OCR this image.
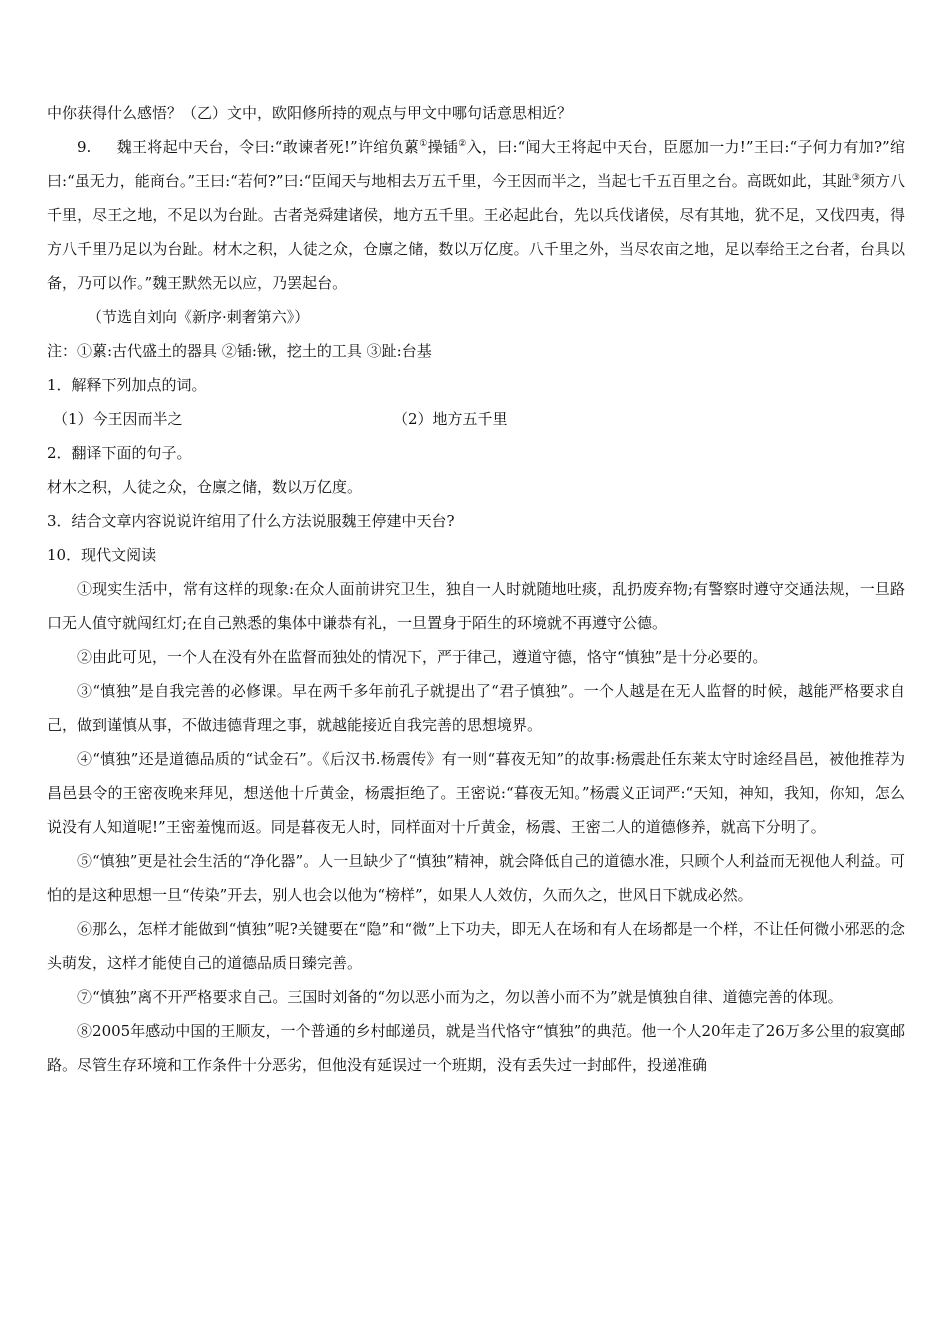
中你获得什么感悟？（乙）文中，欧阳修所持的观点与甲文中哪句话意思相近？

9. 魏王将起中天台，令曰:“敢谏者死!”许绾负蔂①操锸②入，曰:“闻大王将起中天台，臣愿加一力!”王曰:“子何力有加?”绾曰:“虽无力，能商台。”王曰:“若何?”曰:“臣闻天与地相去万五千里，今王因而半之，当起七千五百里之台。高既如此，其趾③须方八千里，尽王之地，不足以为台趾。古者尧舜建诸侯，地方五千里。王必起此台，先以兵伐诸侯，尽有其地，犹不足，又伐四夷，得方八千里乃足以为台趾。材木之积，人徒之众，仓廪之储，数以万亿度。八千里之外，当尽农亩之地，足以奉给王之台者，台具以备，乃可以作。”魏王默然无以应，乃罢起台。

（节选自刘向《新序·刺奢第六》）

注：①蔂:古代盛土的器具 ②锸:锹，挖土的工具 ③趾:台基

1．解释下列加点的词。

（1）今王因而半之	（2）地方五千里

2．翻译下面的句子。

材木之积，人徒之众，仓廪之储，数以万亿度。

3．结合文章内容说说许绾用了什么方法说服魏王停建中天台?

10．现代文阅读

①现实生活中，常有这样的现象:在众人面前讲究卫生，独自一人时就随地吐痰，乱扔废弃物;有警察时遵守交通法规，一旦路口无人值守就闯红灯;在自己熟悉的集体中谦恭有礼，一旦置身于陌生的环境就不再遵守公德。

②由此可见，一个人在没有外在监督而独处的情况下，严于律己，遵道守德，恪守“慎独”是十分必要的。

③“慎独”是自我完善的必修课。早在两千多年前孔子就提出了“君子慎独”。一个人越是在无人监督的时候，越能严格要求自己，做到谨慎从事，不做违德背理之事，就越能接近自我完善的思想境界。

④“慎独”还是道德品质的“试金石”。《后汉书.杨震传》有一则“暮夜无知”的故事:杨震赴任东莱太守时途经昌邑，被他推荐为昌邑县令的王密夜晚来拜见，想送他十斤黄金，杨震拒绝了。王密说:“暮夜无知。”杨震义正词严:“天知，神知，我知，你知，怎么说没有人知道呢!”王密羞愧而返。同是暮夜无人时，同样面对十斤黄金，杨震、王密二人的道德修养，就高下分明了。

⑤“慎独”更是社会生活的“净化器”。人一旦缺少了“慎独”精神，就会降低自己的道德水准，只顾个人利益而无视他人利益。可怕的是这种思想一旦“传染”开去，别人也会以他为“榜样”，如果人人效仿，久而久之，世风日下就成必然。

⑥那么，怎样才能做到“慎独”呢?关键要在“隐”和“微”上下功夫，即无人在场和有人在场都是一个样，不让任何微小邪恶的念头萌发，这样才能使自己的道德品质日臻完善。

⑦“慎独”离不开严格要求自己。三国时刘备的“勿以恶小而为之，勿以善小而不为”就是慎独自律、道德完善的体现。

⑧2005年感动中国的王顺友，一个普通的乡村邮递员，就是当代恪守“慎独”的典范。他一个人20年走了26万多公里的寂寞邮路。尽管生存环境和工作条件十分恶劣，但他没有延误过一个班期，没有丢失过一封邮件，投递准确
